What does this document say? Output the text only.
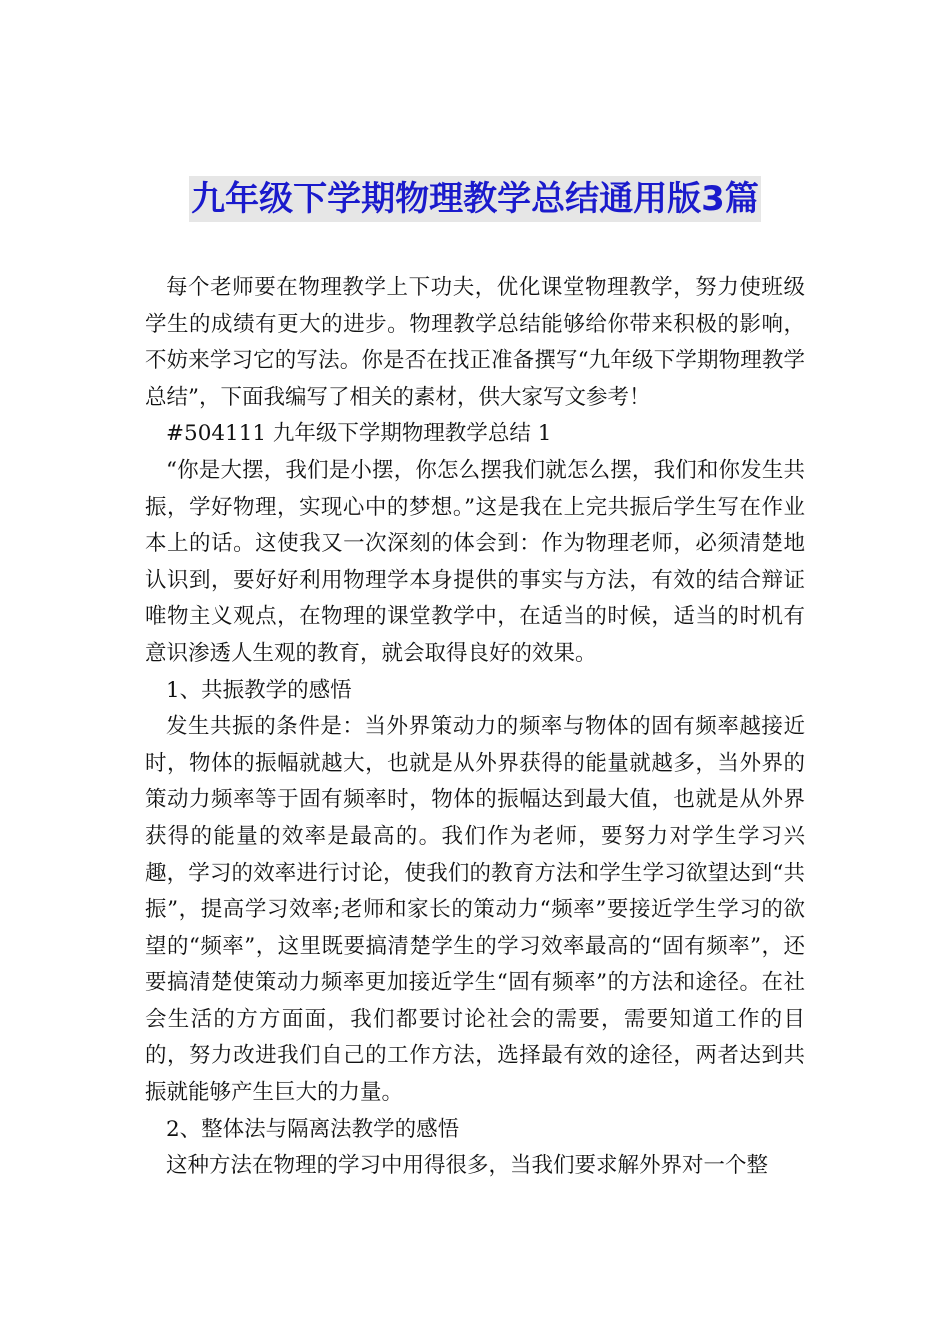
九年级下学期物理教学总结通用版3篇

每个老师要在物理教学上下功夫，优化课堂物理教学，努力使班级学生的成绩有更大的进步。物理教学总结能够给你带来积极的影响，不妨来学习它的写法。你是否在找正准备撰写“九年级下学期物理教学总结”，下面我编写了相关的素材，供大家写文参考！

#504111 九年级下学期物理教学总结 1

“你是大摆，我们是小摆，你怎么摆我们就怎么摆，我们和你发生共振，学好物理，实现心中的梦想。”这是我在上完共振后学生写在作业本上的话。这使我又一次深刻的体会到：作为物理老师，必须清楚地认识到，要好好利用物理学本身提供的事实与方法，有效的结合辩证唯物主义观点，在物理的课堂教学中，在适当的时候，适当的时机有意识渗透人生观的教育，就会取得良好的效果。

1、共振教学的感悟

发生共振的条件是：当外界策动力的频率与物体的固有频率越接近时，物体的振幅就越大，也就是从外界获得的能量就越多，当外界的策动力频率等于固有频率时，物体的振幅达到最大值，也就是从外界获得的能量的效率是最高的。我们作为老师，要努力对学生学习兴趣，学习的效率进行讨论，使我们的教育方法和学生学习欲望达到“共振”，提高学习效率;老师和家长的策动力“频率”要接近学生学习的欲望的“频率”，这里既要搞清楚学生的学习效率最高的“固有频率”，还要搞清楚使策动力频率更加接近学生“固有频率”的方法和途径。在社会生活的方方面面，我们都要讨论社会的需要，需要知道工作的目的，努力改进我们自己的工作方法，选择最有效的途径，两者达到共振就能够产生巨大的力量。

2、整体法与隔离法教学的感悟

这种方法在物理的学习中用得很多，当我们要求解外界对一个整
